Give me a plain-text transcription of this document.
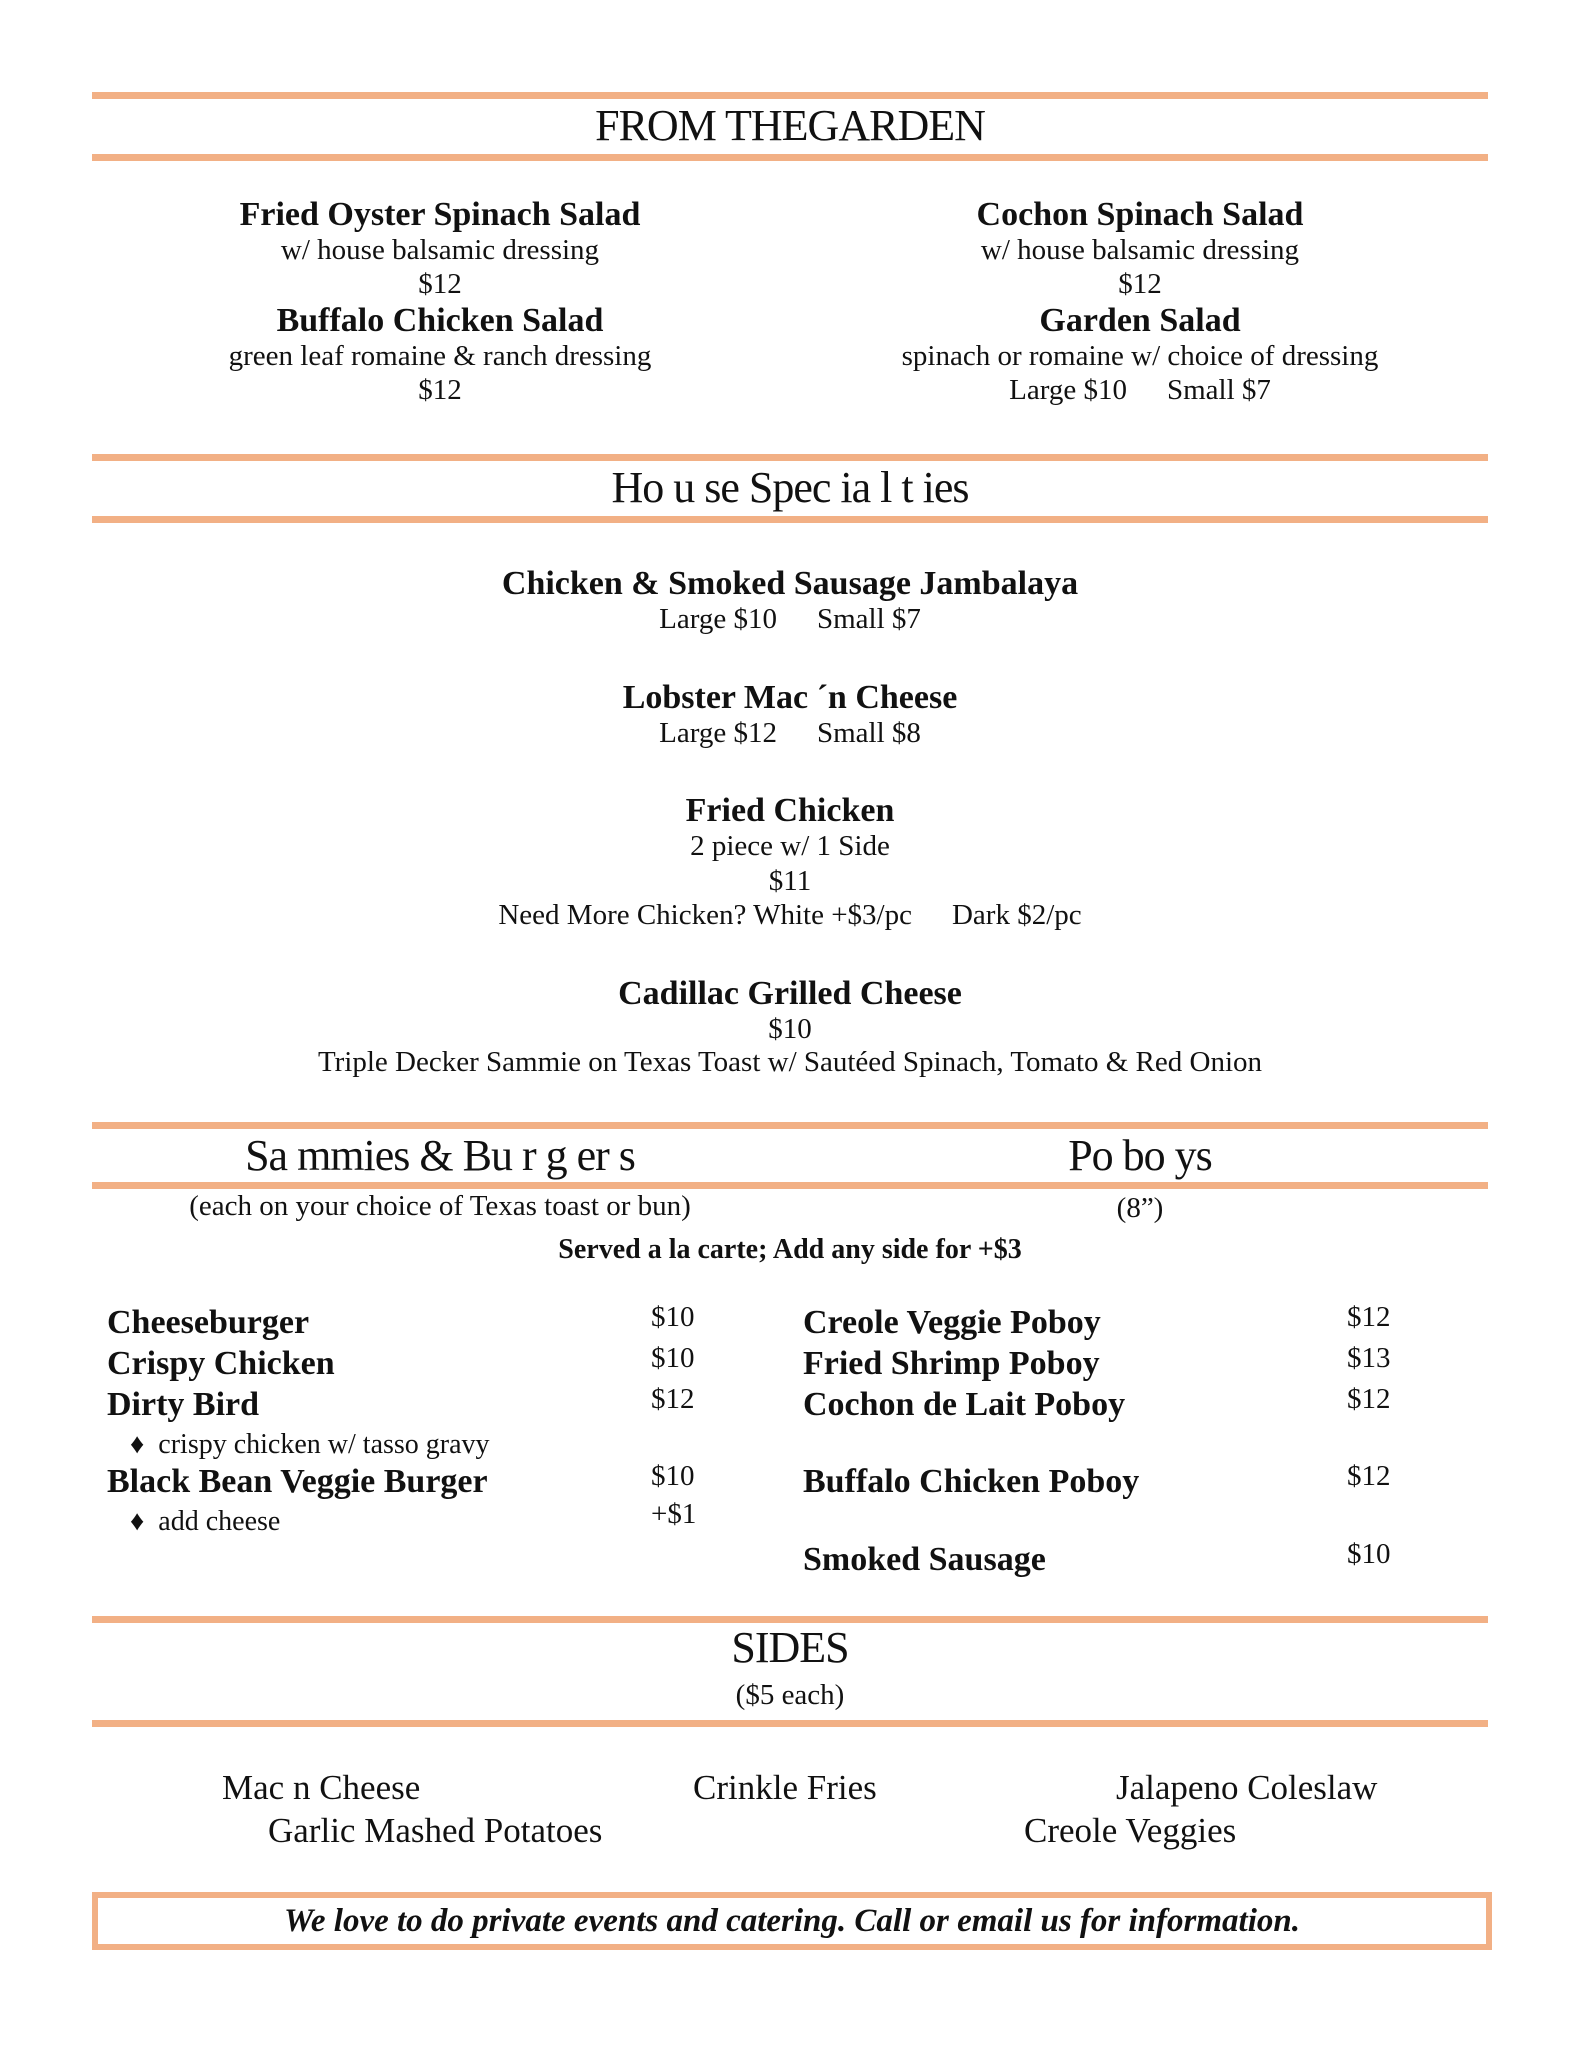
FROM THEGARDEN
Fried Oyster Spinach Salad
w/ house balsamic dressing
$12
Buffalo Chicken Salad
green leaf romaine & ranch dressing
$12
Cochon Spinach Salad
w/ house balsamic dressing
$12
Garden Salad
spinach or romaine w/ choice of dressing
Large $10 Small $7
Ho u se Spec ia l t ies
Chicken & Smoked Sausage Jambalaya
Large $10 Small $7
Lobster Mac ´n Cheese
Large $12 Small $8
Fried Chicken
2 piece w/ 1 Side
$11
Need More Chicken? White +$3/pc Dark $2/pc
Cadillac Grilled Cheese
$10
Triple Decker Sammie on Texas Toast w/ Sautéed Spinach, Tomato & Red Onion
Sa mmies & Bu r g er s	Po bo ys
(each on your choice of Texas toast or bun)	(8”)
Served a la carte; Add any side for +$3
Cheeseburger	$10
Crispy Chicken	$10
Dirty Bird	$12
♦ crispy chicken w/ tasso gravy
Black Bean Veggie Burger	$10
♦ add cheese	+$1
Creole Veggie Poboy	$12
Fried Shrimp Poboy	$13
Cochon de Lait Poboy	$12
Buffalo Chicken Poboy	$12
Smoked Sausage	$10
SIDES
($5 each)
Mac n Cheese	Crinkle Fries	Jalapeno Coleslaw
Garlic Mashed Potatoes	Creole Veggies
We love to do private events and catering. Call or email us for information.
